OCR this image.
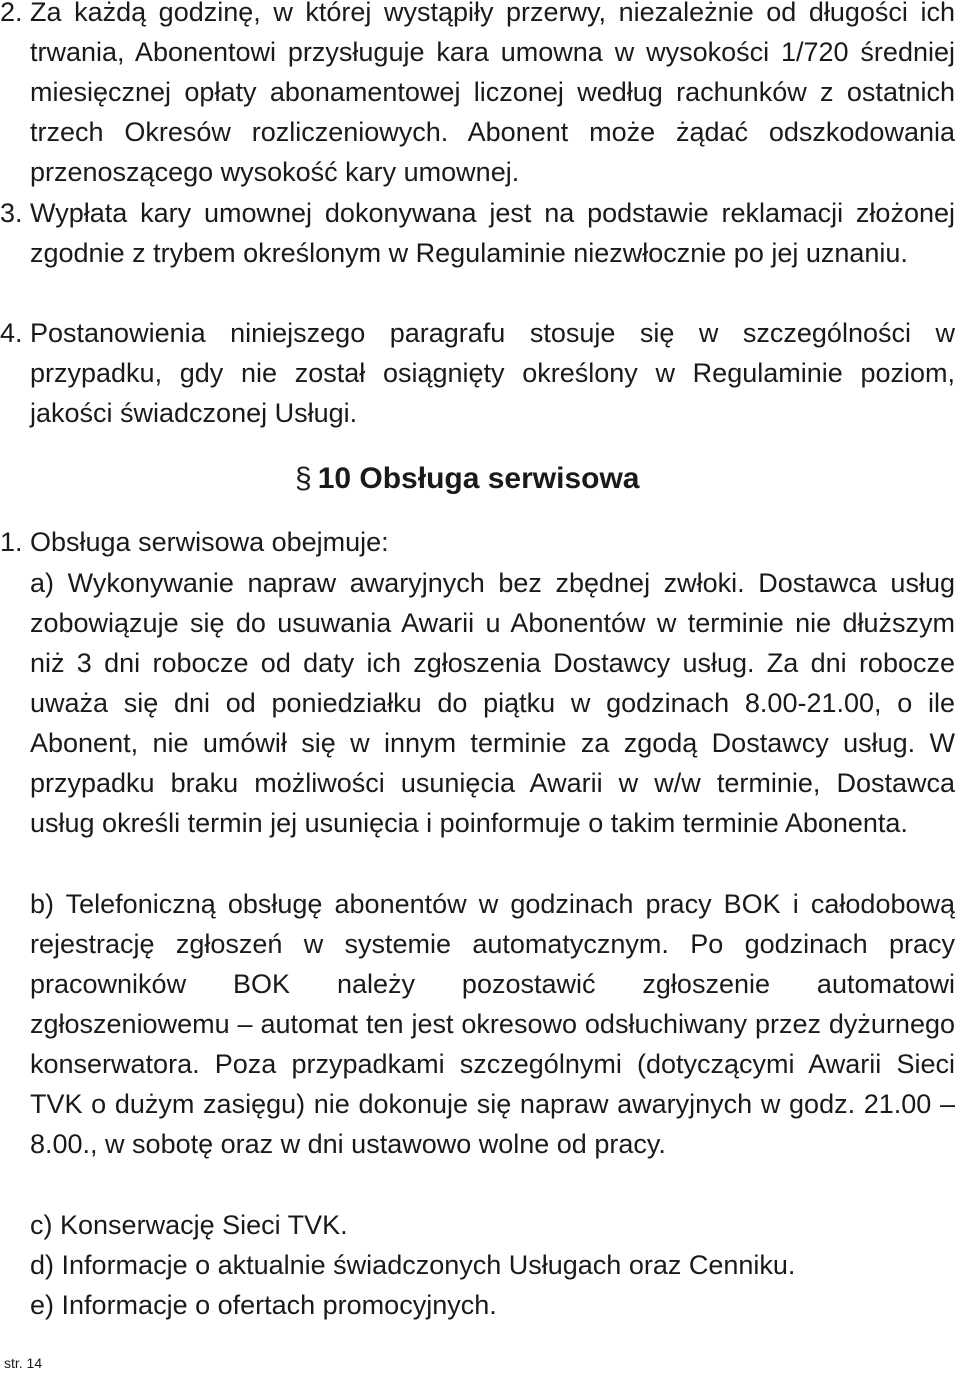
2. Za każdą godzinę, w której wystąpiły przerwy, niezależnie od długości ich trwania, Abonentowi przysługuje kara umowna w wysokości 1/720 średniej miesięcznej opłaty abonamentowej liczonej według rachunków z ostatnich trzech Okresów rozliczeniowych. Abonent może żądać odszkodowania przenoszącego wysokość kary umownej.

3. Wypłata kary umownej dokonywana jest na podstawie reklamacji złożonej zgodnie z trybem określonym w Regulaminie niezwłocznie po jej uznaniu.

4. Postanowienia niniejszego paragrafu stosuje się w szczególności w przypadku, gdy nie został osiągnięty określony w Regulaminie poziom, jakości świadczonej Usługi.

§ 10 Obsługa serwisowa

1. Obsługa serwisowa obejmuje:

a) Wykonywanie napraw awaryjnych bez zbędnej zwłoki. Dostawca usług zobowiązuje się do usuwania Awarii u Abonentów w terminie nie dłuższym niż 3 dni robocze od daty ich zgłoszenia Dostawcy usług. Za dni robocze uważa się dni od poniedziałku do piątku w godzinach 8.00-21.00, o ile Abonent, nie umówił się w innym terminie za zgodą Dostawcy usług. W przypadku braku możliwości usunięcia Awarii w w/w terminie, Dostawca usług określi termin jej usunięcia i poinformuje o takim terminie Abonenta.

b) Telefoniczną obsługę abonentów w godzinach pracy BOK i całodobową rejestrację zgłoszeń w systemie automatycznym. Po godzinach pracy pracowników BOK należy pozostawić zgłoszenie automatowi zgłoszeniowemu – automat ten jest okresowo odsłuchiwany przez dyżurnego konserwatora. Poza przypadkami szczególnymi (dotyczącymi Awarii Sieci TVK o dużym zasięgu) nie dokonuje się napraw awaryjnych w godz. 21.00 – 8.00., w sobotę oraz w dni ustawowo wolne od pracy.

c) Konserwację Sieci TVK.

d) Informacje o aktualnie świadczonych Usługach oraz Cenniku.

e) Informacje o ofertach promocyjnych.

str. 14
